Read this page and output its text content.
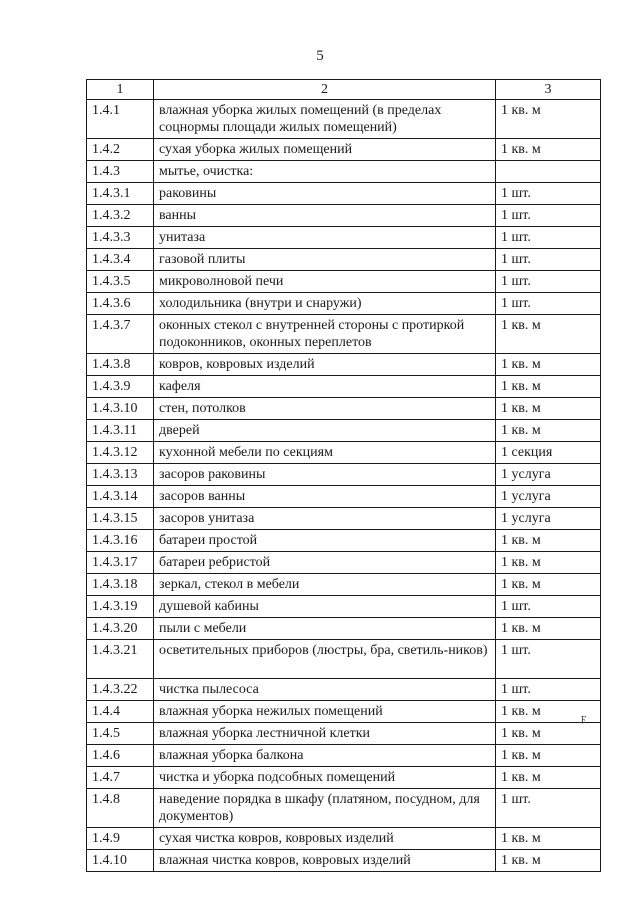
5
1	2	3
1.4.1	влажная уборка жилых помещений (в пределах соцнормы площади жилых помещений)	1 кв. м
1.4.2	сухая уборка жилых помещений	1 кв. м
1.4.3	мытье, очистка:	
1.4.3.1	раковины	1 шт.
1.4.3.2	ванны	1 шт.
1.4.3.3	унитаза	1 шт.
1.4.3.4	газовой плиты	1 шт.
1.4.3.5	микроволновой печи	1 шт.
1.4.3.6	холодильника (внутри и снаружи)	1 шт.
1.4.3.7	оконных стекол с внутренней стороны с протиркой подоконников, оконных переплетов	1 кв. м
1.4.3.8	ковров, ковровых изделий	1 кв. м
1.4.3.9	кафеля	1 кв. м
1.4.3.10	стен, потолков	1 кв. м
1.4.3.11	дверей	1 кв. м
1.4.3.12	кухонной мебели по секциям	1 секция
1.4.3.13	засоров раковины	1 услуга
1.4.3.14	засоров ванны	1 услуга
1.4.3.15	засоров унитаза	1 услуга
1.4.3.16	батареи простой	1 кв. м
1.4.3.17	батареи ребристой	1 кв. м
1.4.3.18	зеркал, стекол в мебели	1 кв. м
1.4.3.19	душевой кабины	1 шт.
1.4.3.20	пыли с мебели	1 кв. м
1.4.3.21	осветительных приборов (люстры, бра, светиль-ников)	1 шт.
1.4.3.22	чистка пылесоса	1 шт.
1.4.4	влажная уборка нежилых помещений	1 кв. м
1.4.5	влажная уборка лестничной клетки	1 кв. м
1.4.6	влажная уборка балкона	1 кв. м
1.4.7	чистка и уборка подсобных помещений	1 кв. м
1.4.8	наведение порядка в шкафу (платяном, посудном, для документов)	1 шт.
1.4.9	сухая чистка ковров, ковровых изделий	1 кв. м
1.4.10	влажная чистка ковров, ковровых изделий	1 кв. м
ϝ
